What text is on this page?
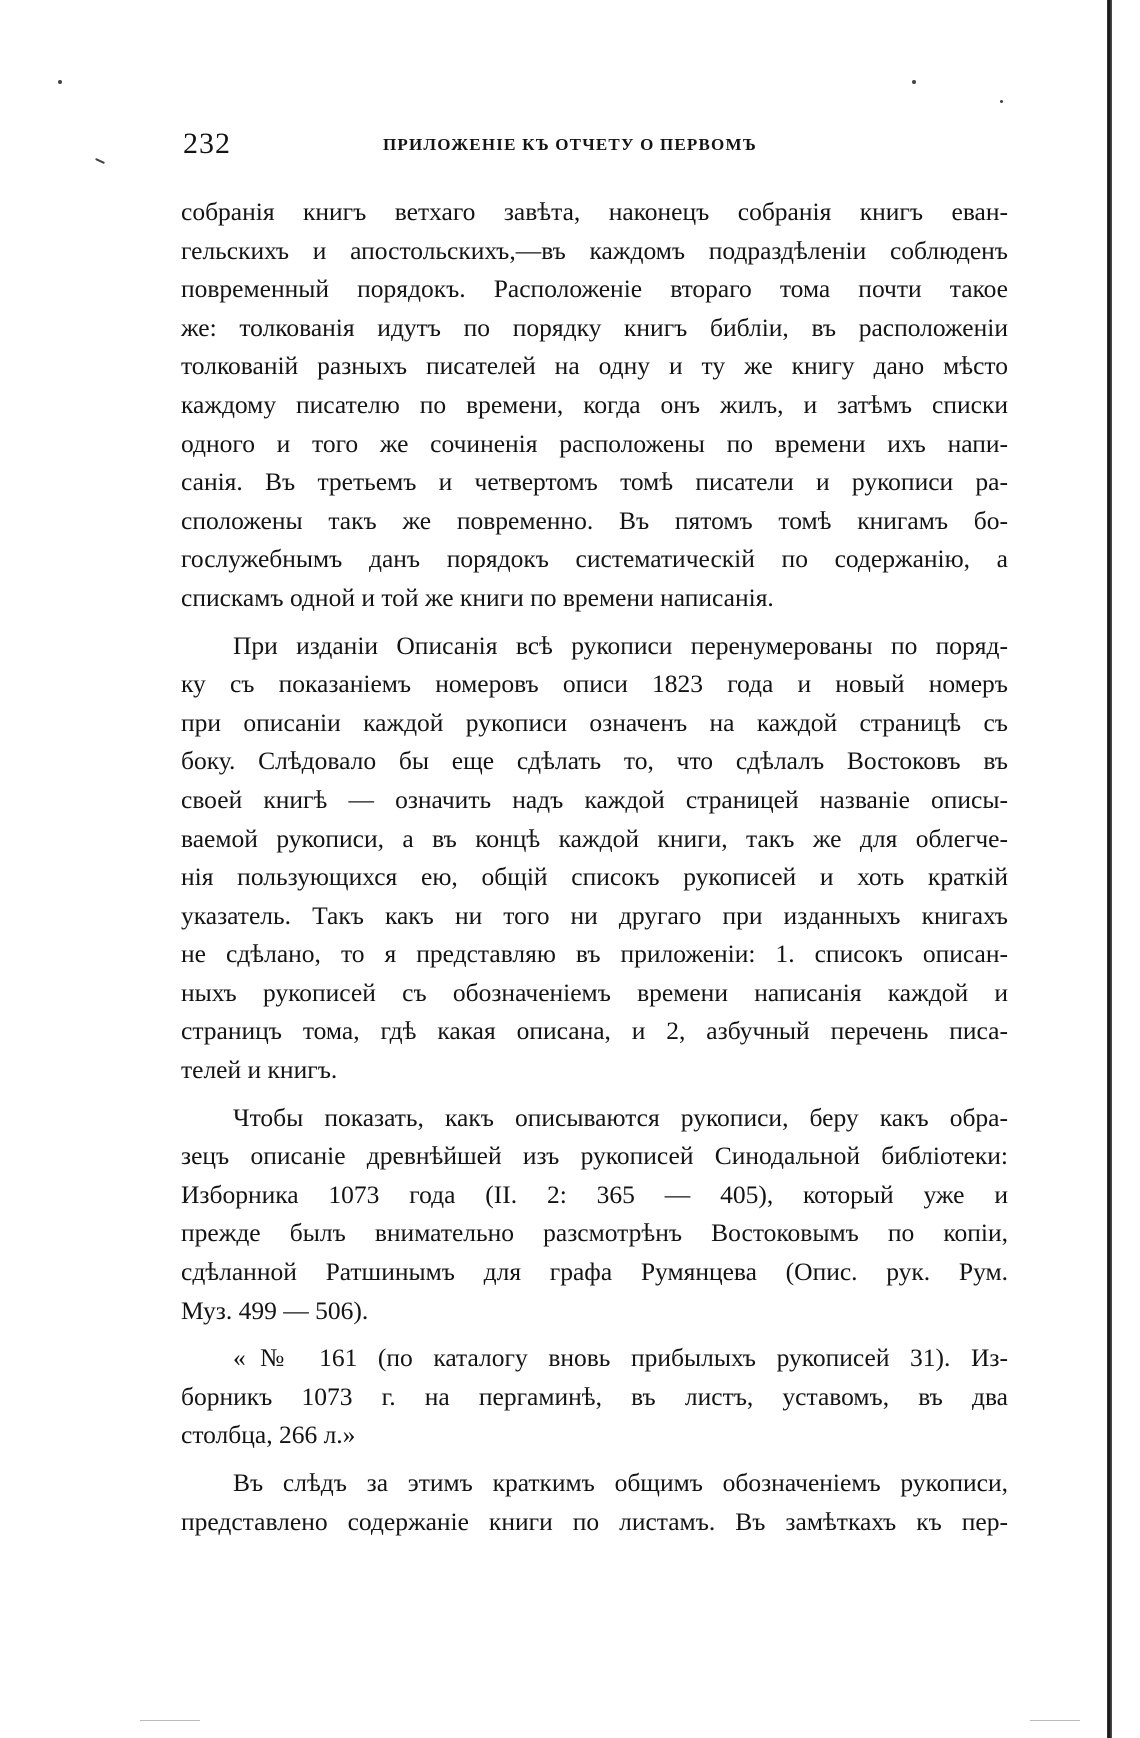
232	ПРИЛОЖЕНІЕ КЪ ОТЧЕТУ О ПЕРВОМЪ
собранія книгъ ветхаго завѣта, наконецъ собранія книгъ еван-
гельскихъ и апостольскихъ,—въ каждомъ подраздѣленіи соблюденъ
повременный порядокъ. Расположеніе втораго тома почти такое
же: толкованія идутъ по порядку книгъ библіи, въ расположеніи
толкованій разныхъ писателей на одну и ту же книгу дано мѣсто
каждому писателю по времени, когда онъ жилъ, и затѣмъ списки
одного и того же сочиненія расположены по времени ихъ напи-
санія. Въ третьемъ и четвертомъ томѣ писатели и рукописи ра-
сположены такъ же повременно. Въ пятомъ томѣ книгамъ бо-
гослужебнымъ данъ порядокъ систематическій по содержанію, а
спискамъ одной и той же книги по времени написанія.
При изданіи Описанія всѣ рукописи перенумерованы по поряд-
ку съ показаніемъ номеровъ описи 1823 года и новый номеръ
при описаніи каждой рукописи означенъ на каждой страницѣ съ
боку. Слѣдовало бы еще сдѣлать то, что сдѣлалъ Востоковъ въ
своей книгѣ — означить надъ каждой страницей названіе описы-
ваемой рукописи, а въ концѣ каждой книги, такъ же для облегче-
нія пользующихся ею, общій списокъ рукописей и хоть краткій
указатель. Такъ какъ ни того ни другаго при изданныхъ книгахъ
не сдѣлано, то я представляю въ приложеніи: 1. списокъ описан-
ныхъ рукописей съ обозначеніемъ времени написанія каждой и
страницъ тома, гдѣ какая описана, и 2, азбучный перечень писа-
телей и книгъ.
Чтобы показать, какъ описываются рукописи, беру какъ обра-
зецъ описаніе древнѣйшей изъ рукописей Синодальной библіотеки:
Изборника 1073 года (II. 2: 365 — 405), который уже и
прежде былъ внимательно разсмотрѣнъ Востоковымъ по копіи,
сдѣланной Ратшинымъ для графа Румянцева (Опис. рук. Рум.
Муз. 499 — 506).
«№ 161 (по каталогу вновь прибылыхъ рукописей 31). Из-
борникъ 1073 г. на пергаминѣ, въ листъ, уставомъ, въ два
столбца, 266 л.»
Въ слѣдъ за этимъ краткимъ общимъ обозначеніемъ рукописи,
представлено содержаніе книги по листамъ. Въ замѣткахъ къ пер-
